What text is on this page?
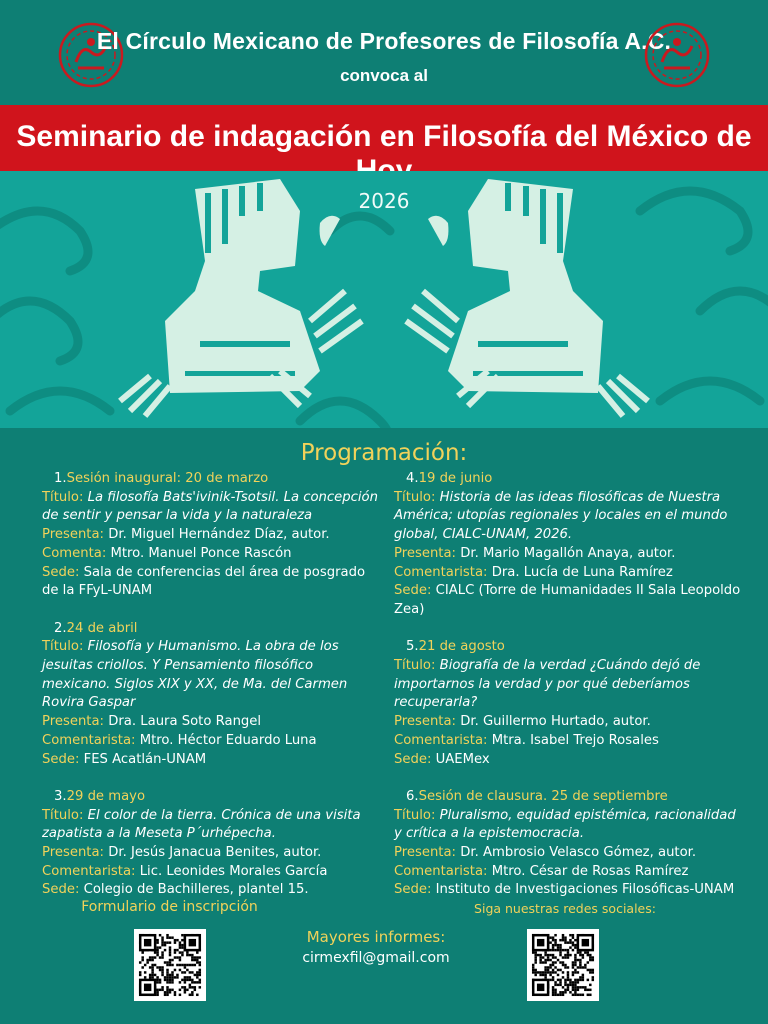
El Círculo Mexicano de Profesores de Filosofía A.C.
convoca al
Seminario de indagación en Filosofía del México de
2026
Programación:
1.Sesión inaugural: 20 de marzo
Título: La filosofía Bats'ivinik-Tsotsil. La concepción de sentir y pensar la vida y la naturaleza
Presenta: Dr. Miguel Hernández Díaz, autor.
Comenta: Mtro. Manuel Ponce Rascón
Sede: Sala de conferencias del área de posgrado de la FFyL-UNAM
2.24 de abril
Título: Filosofía y Humanismo. La obra de los jesuitas criollos. Y Pensamiento filosófico mexicano. Siglos XIX y XX, de Ma. del Carmen Rovira Gaspar
Presenta: Dra. Laura Soto Rangel
Comentarista: Mtro. Héctor Eduardo Luna
Sede: FES Acatlán-UNAM
3.29 de mayo
Título: El color de la tierra. Crónica de una visita zapatista a la Meseta P´urhépecha.
Presenta: Dr. Jesús Janacua Benites, autor.
Comentarista: Lic. Leonides Morales García
Sede: Colegio de Bachilleres, plantel 15.
4.19 de junio
Título: Historia de las ideas filosóficas de Nuestra América; utopías regionales y locales en el mundo global, CIALC-UNAM, 2026.
Presenta: Dr. Mario Magallón Anaya, autor.
Comentarista: Dra. Lucía de Luna Ramírez
Sede: CIALC (Torre de Humanidades II Sala Leopoldo Zea)
5.21 de agosto
Título: Biografía de la verdad ¿Cuándo dejó de importarnos la verdad y por qué deberíamos recuperarla?
Presenta: Dr. Guillermo Hurtado, autor.
Comentarista: Mtra. Isabel Trejo Rosales
Sede: UAEMex
6.Sesión de clausura. 25 de septiembre
Título: Pluralismo, equidad epistémica, racionalidad y crítica a la epistemocracia.
Presenta: Dr. Ambrosio Velasco Gómez, autor.
Comentarista: Mtro. César de Rosas Ramírez
Sede: Instituto de Investigaciones Filosóficas-UNAM
Formulario de inscripción
Mayores informes:
cirmexfil@gmail.com
Siga nuestras redes sociales:
